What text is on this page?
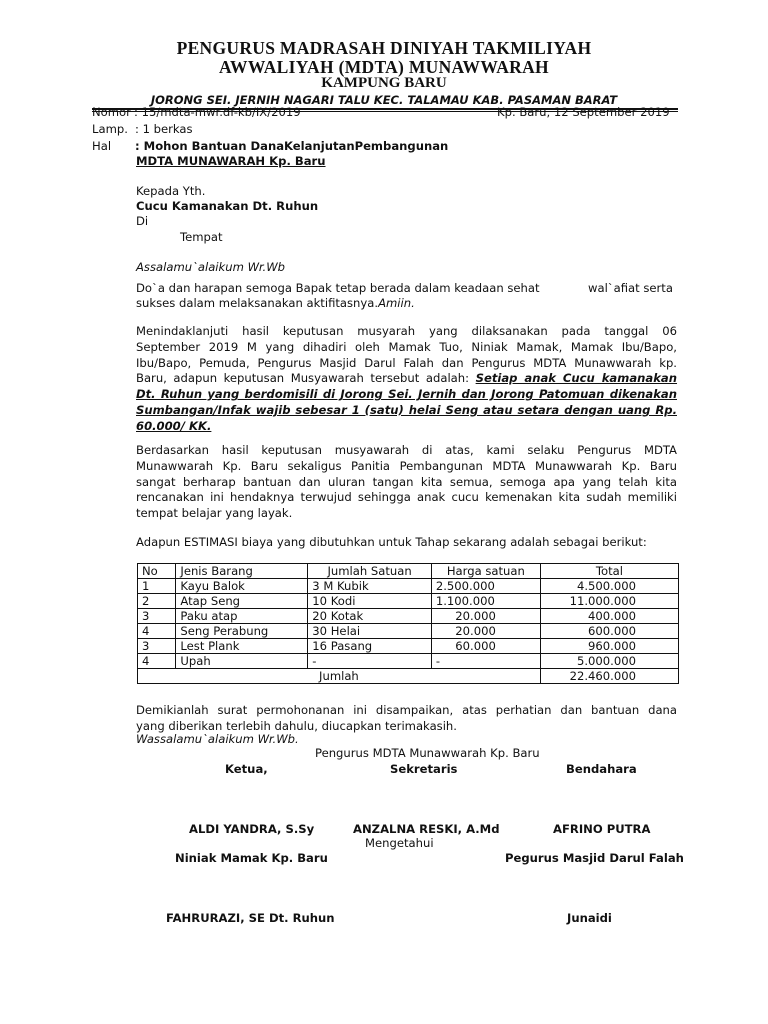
PENGURUS MADRASAH DINIYAH TAKMILIYAH
AWWALIYAH (MDTA) MUNAWWARAH
KAMPUNG BARU
JORONG SEI. JERNIH NAGARI TALU KEC. TALAMAU KAB. PASAMAN BARAT
Nomor : 15/mdta-mwr.df-kb/IX/2019	Kp. Baru, 12 September 2019
Lamp. : 1 berkas
Hal : Mohon Bantuan DanaKelanjutanPembangunan
MDTA MUNAWARAH Kp. Baru
Kepada Yth.
Cucu Kamanakan Dt. Ruhun
Di
Tempat
Assalamu`alaikum Wr.Wb
Do`a dan harapan semoga Bapak tetap berada dalam keadaan sehat	wal`afiat serta
sukses dalam melaksanakan aktifitasnya.Amiin.
Menindaklanjuti hasil keputusan musyarah yang dilaksanakan pada tanggal 06
September 2019 M yang dihadiri oleh Mamak Tuo, Niniak Mamak, Mamak Ibu/Bapo,
Ibu/Bapo, Pemuda, Pengurus Masjid Darul Falah dan Pengurus MDTA Munawwarah kp.
Baru, adapun keputusan Musyawarah tersebut adalah: Setiap anak Cucu kamanakan
Dt. Ruhun yang berdomisili di Jorong Sei. Jernih dan Jorong Patomuan dikenakan
Sumbangan/Infak wajib sebesar 1 (satu) helai Seng atau setara dengan uang Rp.
60.000/ KK.
Berdasarkan hasil keputusan musyawarah di atas, kami selaku Pengurus MDTA
Munawwarah Kp. Baru sekaligus Panitia Pembangunan MDTA Munawwarah Kp. Baru
sangat berharap bantuan dan uluran tangan kita semua, semoga apa yang telah kita
rencanakan ini hendaknya terwujud sehingga anak cucu kemenakan kita sudah memiliki
tempat belajar yang layak.
Adapun ESTIMASI biaya yang dibutuhkan untuk Tahap sekarang adalah sebagai berikut:
No	Jenis Barang	Jumlah Satuan	Harga satuan	Total
1	Kayu Balok	3 M Kubik	2.500.000	4.500.000
2	Atap Seng	10 Kodi	1.100.000	11.000.000
3	Paku atap	20 Kotak	20.000	400.000
4	Seng Perabung	30 Helai	20.000	600.000
3	Lest Plank	16 Pasang	60.000	960.000
4	Upah	-	-	5.000.000
Jumlah				22.460.000
Demikianlah surat permohonanan ini disampaikan, atas perhatian dan bantuan dana
yang diberikan terlebih dahulu, diucapkan terimakasih.
Wassalamu`alaikum Wr.Wb.
Pengurus MDTA Munawwarah Kp. Baru
Ketua,	Sekretaris	Bendahara
ALDI YANDRA, S.Sy	ANZALNA RESKI, A.Md	AFRINO PUTRA
Mengetahui
Niniak Mamak Kp. Baru	Pegurus Masjid Darul Falah
FAHRURAZI, SE Dt. Ruhun	Junaidi
